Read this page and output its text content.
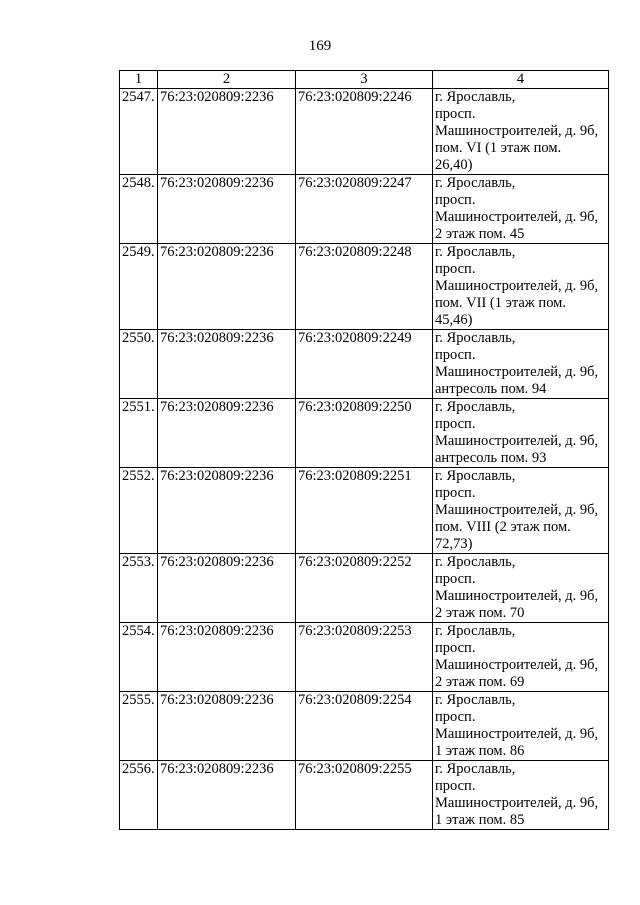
169
1	2	3	4
2547.	76:23:020809:2236	76:23:020809:2246	г. Ярославль,
просп.
Машиностроителей, д. 9б,
пом. VI (1 этаж пом.
26,40)

2548.	76:23:020809:2236	76:23:020809:2247	г. Ярославль,
просп.
Машиностроителей, д. 9б,
2 этаж пом. 45

2549.	76:23:020809:2236	76:23:020809:2248	г. Ярославль,
просп.
Машиностроителей, д. 9б,
пом. VII (1 этаж пом.
45,46)

2550.	76:23:020809:2236	76:23:020809:2249	г. Ярославль,
просп.
Машиностроителей, д. 9б,
антресоль пом. 94

2551.	76:23:020809:2236	76:23:020809:2250	г. Ярославль,
просп.
Машиностроителей, д. 9б,
антресоль пом. 93

2552.	76:23:020809:2236	76:23:020809:2251	г. Ярославль,
просп.
Машиностроителей, д. 9б,
пом. VIII (2 этаж пом.
72,73)

2553.	76:23:020809:2236	76:23:020809:2252	г. Ярославль,
просп.
Машиностроителей, д. 9б,
2 этаж пом. 70

2554.	76:23:020809:2236	76:23:020809:2253	г. Ярославль,
просп.
Машиностроителей, д. 9б,
2 этаж пом. 69

2555.	76:23:020809:2236	76:23:020809:2254	г. Ярославль,
просп.
Машиностроителей, д. 9б,
1 этаж пом. 86

2556.	76:23:020809:2236	76:23:020809:2255	г. Ярославль,
просп.
Машиностроителей, д. 9б,
1 этаж пом. 85
